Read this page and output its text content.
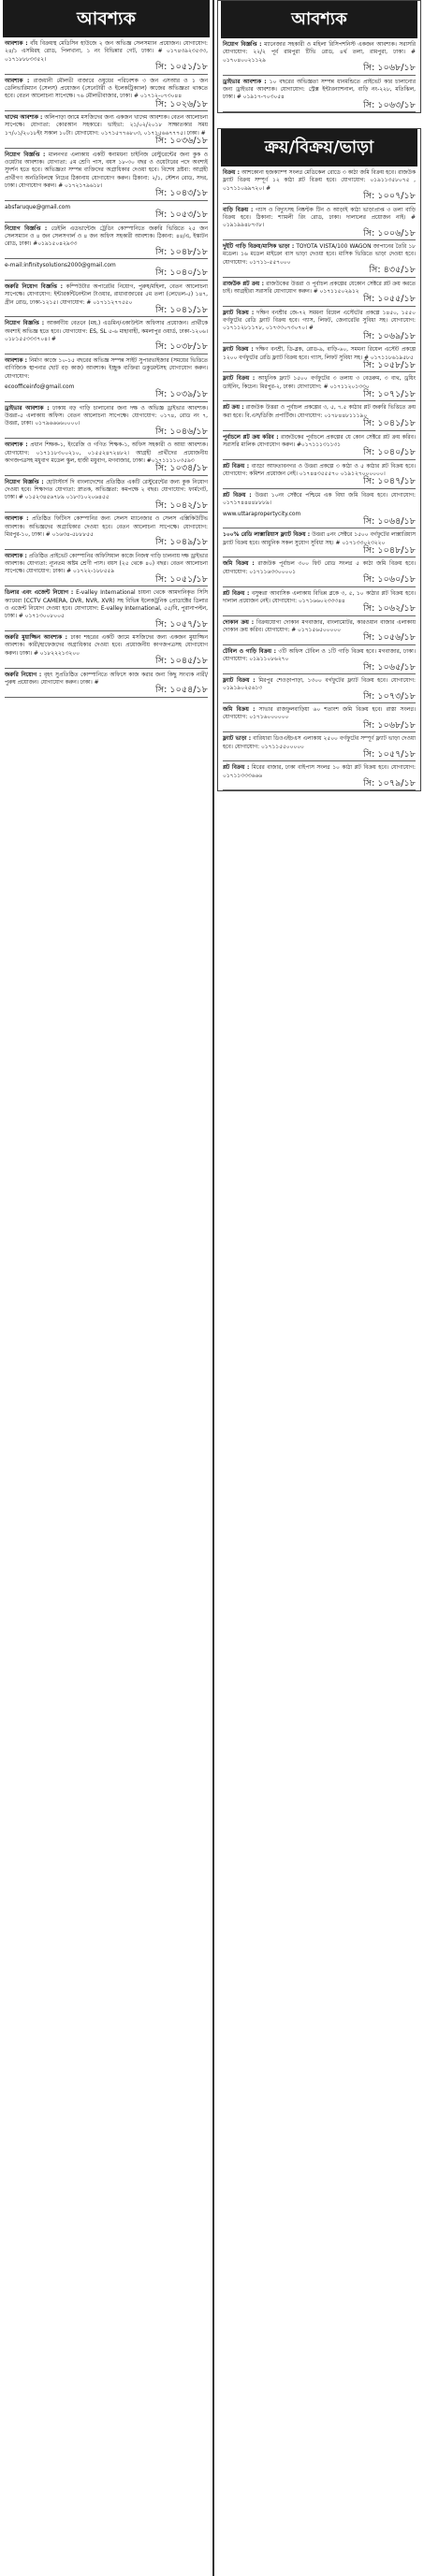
আবশ্যক
আবশ্যক : বাঁধ বিক্রয়স্থ মেডিসিন হাউজে ২ জন অভিজ্ঞ সেলসম্যান প্রয়োজন। যোগাযোগ: ২৪/১ এসমিরহ রোড, পিলখানা, ১ নং বিভিন্নার গেট, ঢাকা। # ০১৭৪৩৯২৩৫৩৩, ০১৭১৮৮৮৩৩৫২।
সি: ১০৫১/১৮
আবশ্যক : রাজধানী মৌলভী বাজারে ওষুধের পরিবেশক ৩ জন এসআর ও ১ জন ডেলিভারিম্যান (সেলস) প্রয়োজন (সেনেটারী ও ইলেকট্রিক্যাল) কাজের অভিজ্ঞতা থাকতে হবে। বেতন আলোচনা সাপেক্ষে। ৭৬ মৌলভীবাজার, ঢাকা। # ০১৭১২-০৭৩০৪৪
সি: ১০২৬/১৮
খাদেম আবশ্যক : অলিপাড়া জামে মসজিদের জন্য একজন খাদেম আবশ্যক। বেতন আলোচনা সাপেক্ষে। যোগ্যতা: কোরআন সহকারে। ভাইভা: ২১/০২/২০১৮ সাক্ষাতকার সময় ১৭/০১/২০১৮ইং সকাল ১০টা। যোগাযোগ: ০১৭১৫৭৭৬৮০৩, ০১৭১৫৬৬৭৭৭৫। ঢাকা। #
সি: ১০৩৬/১৮
নিয়োগ বিজ্ঞপ্তি : মালনগর এলাকায় একটি স্বনামধন্য চাইনিজ রেস্টুরেন্টের জন্য কুক ও ওয়েটার আবশ্যক। যোগ্যতা: ৫ম শ্রেণি পাস, বয়স ১৮-৩০ বছর ও ওয়েটারের পদে অবশ্যই সুদর্শন হতে হবে। অভিজ্ঞতা সম্পন্ন ব্যক্তিদের অগ্রাধিকার দেওয়া হবে। বিশেষ দ্রষ্টব্য: আগ্রহী প্রার্থীগণ অনতিবিলম্বে নিচের ঠিকানায় যোগাযোগ করুন। ঠিকানা: ২/১, স্টেশন রোড, সদর, ঢাকা। যোগাযোগ করুন। # ০১৭২১৭৯৬১৮।
সি: ১০৪৩/১৮
absfaruque@gmail.com
সি: ১০৫৩/১৮
নিয়োগ বিজ্ঞপ্তি : ডেইলি এডভান্টেজ ট্রেডিং কোম্পানিতে জরুরি ভিত্তিতে ২৫ জন সেলসম্যান ও ৪ জন সেলসগার্ল ও ৪ জন অফিস সহকারী আবশ্যক। ঠিকানা: ৪৪/এ, ইস্কাটন রোড, ঢাকা। #০১৯১৫০৪২৯৩৩
সি: ১০৪৮/১৮
e-mail:infinitysolutions2000@gmail.com
সি: ১০৪০/১৮
জরুরি নিয়োগ বিজ্ঞপ্তি : কম্পিউটার অপারেটর নিয়োগ, পুরুষ/মহিলা, বেতন আলোচনা সাপেক্ষে। যোগাযোগ: ইন্টারকন্টিনেন্টাল টাওয়ার, রাধাবাজারের ৫ম তলা (লেভেল-৫) ১৪৭, গ্রীন রোড, ঢাকা-১২১৫। যোগাযোগ: # ০১৭১১২৭৭৫৫০
সি: ১০৪১/১৮
নিয়োগ বিজ্ঞপ্তি : আকর্ষণীয় বেতনে (মহ.) এডমিন/একাউন্টস অফিসার প্রয়োজন। প্রার্থীকে অবশ্যই অভিজ্ঞ হতে হবে। যোগাযোগ: ES, SL ৫-৬ মাহাবাহী, কমলাপুর ওয়ার্ড, ঢাকা-১২০৬। ০১৮১৫৫৩৩৩৭০৪। #
সি: ১০৩৮/১৮
আবশ্যক : নির্মাণ কাজে ১০-১৫ বছরের অভিজ্ঞ সম্পন্ন সাইট সুপারভাইজার (সময়ের ভিত্তিতে বাণিজ্যিক স্থাপনার ছোট বড় কাজ) আবশ্যক। ইচ্ছুক ব্যক্তিরা ডকুমেন্টসহ যোগাযোগ করুন। যোগাযোগ:
ecoofficeinfo@gmail.com
সি: ১০৩৯/১৮
ড্রাইভার আবশ্যক : ঢাকায় বড় গাড়ি চালানোর জন্য দক্ষ ও অভিজ্ঞ ড্রাইভার আবশ্যক। উত্তরা-৫ এলাকায় অফিস। বেতন আলোচনা সাপেক্ষে। যোগাযোগ: ০১৭৪, রোড নং ৭, উত্তরা, ঢাকা। ০১৭৯৬৬৬৬০০০০।
সি: ১০৪৬/১৮
আবশ্যক : প্রধান শিক্ষক-১, ইংরেজি ও গণিত শিক্ষক-১, অফিস সহকারী ও আয়া আবশ্যক। যোগাযোগ: ০১৭১১৮৩০০২১০, ০১৫৫২৪৭২৪৮২। আগ্রহী প্রার্থীদের প্রয়োজনীয় কাগজপত্রসহ মধুবাগ মডেল স্কুল, হাজী মধুবাগ, মগবাজার, ঢাকা। #০১৭১১১১০৩৫৯৩
সি: ১০৩৪/১৮
নিয়োগ বিজ্ঞপ্তি : হোটাস্টার্স দি বাংলাদেশের প্রতিষ্ঠিত একটি রেস্টুরেন্টের জন্য কুক নিয়োগ দেওয়া হবে। শিক্ষাগত যোগ্যতা: স্নাতক, অভিজ্ঞতা: কমপক্ষে ২ বছর। যোগাযোগ: ফার্মগেট, ঢাকা। # ০১৫২৩৪৫৬৭৮৯ ০১৮৩১০২০৬৪৫৫
সি: ১০৪২/১৮
আবশ্যক : প্রতিষ্ঠিত ফিটিংস কোম্পানির জন্য সেলস ম্যানেজার ও সেলস এক্সিকিউটিভ আবশ্যক। অভিজ্ঞদের অগ্রাধিকার দেওয়া হবে। বেতন আলোচনা সাপেক্ষে। যোগাযোগ: মিরপুর-১০, ঢাকা। # ০১৬৩৪-৫৮৮৮৫৫
সি: ১০৪৯/১৮
আবশ্যক : প্রতিষ্ঠিত প্রাইভেট কোম্পানির অফিসিয়াল কাজে নিজস্ব গাড়ি চালনায় দক্ষ ড্রাইভার আবশ্যক। যোগ্যতা: ন্যূনতম অষ্টম শ্রেণী পাস। বয়স (২৫ থেকে ৪০) বছর। বেতন আলোচনা সাপেক্ষে। যোগাযোগ: ঢাকা। # ০১৭২২-১৮৮৫৫৯
সি: ১০৫১/১৮
ডিলার এবং এজেন্ট নিয়োগ : E-valley International চায়না থেকে আমদানিকৃত সিসি ক্যামেরা (CCTV CAMERA, DVR, NVR, XVR) সহ বিভিন্ন ইলেকট্রনিক প্রোডাক্টের ডিলার ও এজেন্ট নিয়োগ দেওয়া হবে। যোগাযোগ: E-valley International, ৫৫/বি, পুরানাপল্টন, ঢাকা। # ০১৭১৩০০৮০০৫
সি: ১০৫৭/১৮
জরুরি মুয়াজ্জিন আবশ্যক : ঢাকা শহরের একটি জামে মসজিদের জন্য একজন মুয়াজ্জিন আবশ্যক। কারী/হাফেজদের অগ্রাধিকার দেওয়া হবে। প্রয়োজনীয় কাগজপত্রসহ যোগাযোগ করুন। ঢাকা। # ০১৮২২২১৩২০০
সি: ১০৪৫/১৮
জরুরি নিয়োগ : বৃহৎ সুপ্রতিষ্ঠিত কোম্পানিতে অফিসে কাজ করার জন্য কিছু সংখ্যক নারী/পুরুষ প্রয়োজন। যোগাযোগ করুন। ঢাকা। #
সি: ১০৫৪/১৮
আবশ্যক
নিয়োগ বিজ্ঞপ্তি : ম্যানেজার সহকারী ও মহিলা রিসিপশনিস্ট একজন আবশ্যক। সরাসরি যোগাযোগ: ২২/২ পূর্ব রামপুরা টিভি রোড, ৪র্থ তলা, রামপুরা, ঢাকা। # ০১৭০৪০০২১১২৯
সি: ১০৬৮/১৮
ড্রাইভার আবশ্যক : ১০ বছরের অভিজ্ঞতা সম্পন্ন ধানমন্ডিতে প্রাইভেট কার চালানোর জন্য ড্রাইভার আবশ্যক। যোগাযোগ: স্ট্রেক্স ইন্টারন্যাশনাল, বাড়ি নং-২২৮, মতিঝিল, ঢাকা। # ০১৯১৭-৭০৩০৫৪
সি: ১০৬৩/১৮
ক্রয়/বিক্রয়/ভাড়া
বিক্রয় : আশকোনা হজক্যাম্প সংলগ্ন মেডিকেল রোডে ৩ কাঠা জমি বিক্রয় হবে। রাজউক ফ্ল্যাট বিক্রয় সম্পূর্ণ ১২ কাঠা প্লট বিক্রয় হবে। যোগাযোগ: ০১৯১১৩৫৮০৭৫ , ০১৭১১০৯৯৭২০। #
সি: ১০০৭/১৮
বাড়ি বিক্রয় : গ্যাস ও বিদ্যুৎসহ নিষ্কণ্টক টিন ও আড়াই কাঠা ভাড়াপ্রাপ্ত ৩ তলা বাড়ি বিক্রয় হবে। ঠিকানা: শ্যামলী রিং রোড, ঢাকা। দালালের প্রয়োজন নাই। # ০১৯১৯৯৪৮৭৩৮।
সি: ১০০৬/১৮
দুইটি গাড়ি বিক্রয়/মাসিক ভাড়া : TOYOTA VISTA/100 WAGON জাপানের তৈরি ১৮ মডেল। ১৬ মডেল মাইক্রো বাস ভাড়া দেওয়া হবে। মাসিক ভিত্তিতে ভাড়া দেওয়া হবে। যোগাযোগ: ০১৭১১-৫৫৭০০০
সি: ৪৩৫/১৮
রাজউক প্লট ক্রয় : রাজউকের উত্তরা ও পূর্বাচল প্রকল্পের যেকোন সেক্টরে প্লট ক্রয় করতে চাই। আগ্রহীরা সরাসরি যোগাযোগ করুন। # ০১৭১১৫০২৯১২
সি: ১০৫৫/১৮
ফ্ল্যাট বিক্রয় : দক্ষিণ বনশ্রীর জে-৭২ সমমনা রিয়েল এস্টেটের প্রকল্পে ১৪৫০, ১৫৫০ বর্গফুটের রেডি ফ্ল্যাট বিক্রয় হবে। গ্যাস, লিফট, জেনারেটর সুবিধা সহ। যোগাযোগ: ০১৭১১২৮১১৭৮, ০১৭৩৩০৭৩০৭০। #
সি: ১০৬৯/১৮
ফ্ল্যাট বিক্রয় : দক্ষিণ বনশ্রী, ডি-ব্লক, রোড-৯, বাড়ি-৬০, সমমনা রিয়েল এস্টেট প্রকল্পে ১২০০ বর্গফুটের রেডি ফ্ল্যাট বিক্রয় হবে। গ্যাস, লিফট সুবিধা সহ। # ০১৭১১৮৬১৯৫৮৫
সি: ১০৫৮/১৮
ফ্ল্যাট বিক্রয় : আধুনিক ফ্ল্যাট ১৫০০ বর্গফুটের ৩ তলায় ৩ বেডরুম, ৩ বাথ, ড্রয়িং ডাইনিং, কিচেন। মিরপুর-২, ঢাকা। যোগাযোগ: # ০১৭১১২০১৩৩০
সি: ১০৭১/১৮
প্লট ক্রয় : রাজউক উত্তরা ও পূর্বাচল প্রকল্পের ৩, ৫, ৭.৫ কাঠার প্লট জরুরি ভিত্তিতে ক্রয় করা হবে। বি.এস/ডিজি প্রপার্টিজ। যোগাযোগ: ০১৭৮৪৪৮১১১৯০
সি: ১০৪১/১৮
পূর্বাচলে প্লট ক্রয় করিব : রাজউকের পূর্বাচলে প্রকল্পের যে কোন সেক্টরে প্লট ক্রয় করিব। সরাসরি মালিক যোগাযোগ করুন। #০১৭১১১৩১১৩১
সি: ১০৪০/১৮
প্লট বিক্রয় : বাড্ডা আফতাবনগর ও উত্তরা প্রকল্পে ৩ কাঠা ও ৫ কাঠার প্লট বিক্রয় হবে। যোগাযোগ: কমিশন প্রয়োজন নেই। ০১৭৪৪৩৫৫৫৭০ ০১৯১২৭০০০০০০।
সি: ১০৪৭/১৮
প্লট বিক্রয় : উত্তরা ১০নং সেক্টরে পশ্চিমে এক বিঘা জমি বিক্রয় হবে। যোগাযোগ: ০১৭১৭৪৪৪৪৮৮৮৯।
www.uttarapropertycity.com
সি: ১০৬৪/১৮
১০০% রেডি লাক্সারিয়াস ফ্ল্যাট বিক্রয় : উত্তরা ৪নং সেক্টরে ১৫০০ বর্গফুটের লাক্সারিয়াস ফ্ল্যাট বিক্রয় হবে। আধুনিক সকল সুযোগ সুবিধা সহ। # ০১৭১৩৩০২৩২২০
সি: ১০৪৮/১৮
জমি বিক্রয় : রাজউক পূর্বাচল ৩০০ ফিট রোড সংলগ্ন ৫ কাঠা জমি বিক্রয় হবে। যোগাযোগ: ০১৭১১৬৩৩০০০০১
সি: ১০৬০/১৮
প্লট বিক্রয় : বসুন্ধরা আবাসিক এলাকায় বিভিন্ন ব্লকে ৩, ৫, ১০ কাঠার প্লট বিক্রয় হবে। দালাল প্রয়োজন নেই। যোগাযোগ: ০১৭১৬৬০২৩৩৩৪৪
সি: ১০৬২/১৮
দোকান ক্রয় : বিক্রয়যোগ্য দোকান মগবাজার, বাংলামোটর, কারওয়ান বাজার এলাকায় দোকান ক্রয় করিব। যোগাযোগ: # ০১৭১৫৬৫০০০০০
সি: ১০৫৬/১৮
টেবিল ও গাড়ি বিক্রয় : ৩টি অফিস টেবিল ও ১টি গাড়ি বিক্রয় হবে। মগবাজার, ঢাকা। যোগাযোগ: ০১৯১১০৮৬২৭০
সি: ১০৬৫/১৮
ফ্ল্যাট বিক্রয় : মিরপুর শেওড়াপাড়া, ১৩০০ বর্গফুটের ফ্ল্যাট বিক্রয় হবে। যোগাযোগ: ০১৯১৯০২৫৬১৩
সি: ১০৭৩/১৮
জমি বিক্রয় : সাভার রাজফুলবাড়িয়া ৬০ শতাংশ জমি বিক্রয় হবে। রাস্তা সংলগ্ন। যোগাযোগ: ০১৭১৬০০০০০০
সি: ১০৬৮/১৮
ফ্ল্যাট ভাড়া : বারিধারা ডিওএইচএস এলাকায় ২৫০০ বর্গফুটের সম্পূর্ণ ফ্ল্যাট ভাড়া দেওয়া হবে। যোগাযোগ: ০১৭১১৫৫০০০০০
সি: ১০৫৭/১৮
প্লট বিক্রয় : মিরের বাজার, ঢাকা বাইপাস সংলগ্ন ১০ কাঠা প্লট বিক্রয় হবে। যোগাযোগ: ০১৭১১৩৩৩৬৬৬
সি: ১০৭৯/১৮
